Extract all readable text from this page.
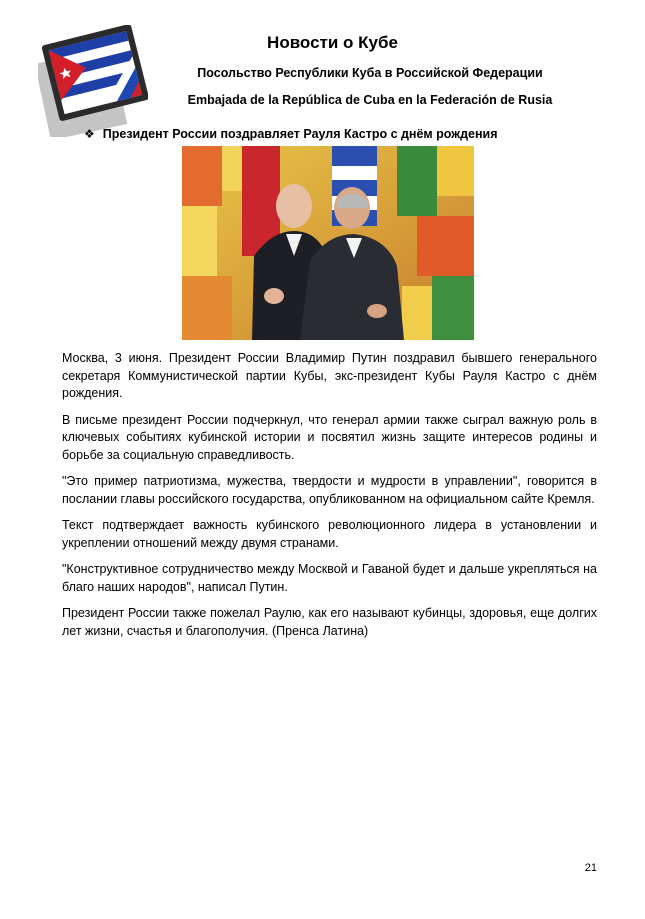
Новости о Кубе
Посольство Республики Куба в Российской Федерации
Embajada de la República de Cuba en la Federación de Rusia
❖ Президент России поздравляет Рауля Кастро с днём рождения

Москва, 3 июня. Президент России Владимир Путин поздравил бывшего генерального секретаря Коммунистической партии Кубы, экс-президент Кубы Рауля Кастро с днём рождения.

В письме президент России подчеркнул, что генерал армии также сыграл важную роль в ключевых событиях кубинской истории и посвятил жизнь защите интересов родины и борьбе за социальную справедливость.

"Это пример патриотизма, мужества, твердости и мудрости в управлении", говорится в послании главы российского государства, опубликованном на официальном сайте Кремля.

Текст подтверждает важность кубинского революционного лидера в установлении и укреплении отношений между двумя странами.

"Конструктивное сотрудничество между Москвой и Гаваной будет и дальше укрепляться на благо наших народов", написал Путин.

Президент России также пожелал Раулю, как его называют кубинцы, здоровья, еще долгих лет жизни, счастья и благополучия. (Пренса Латина)

21
